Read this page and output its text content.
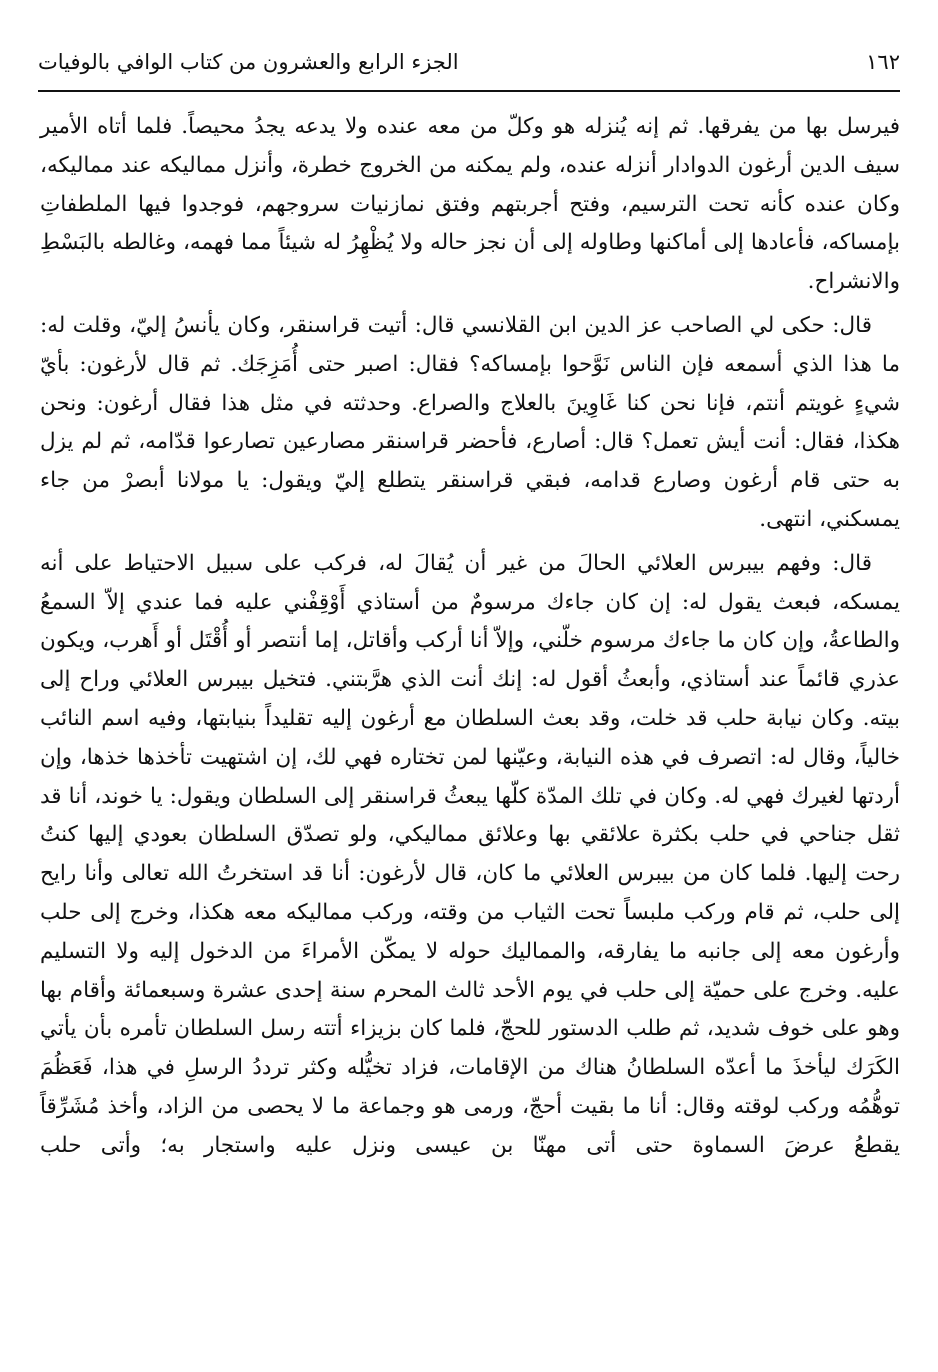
١٦٢
الجزء الرابع والعشرون من كتاب الوافي بالوفيات

فيرسل بها من يفرقها. ثم إنه يُنزله هو وكلّ من معه عنده ولا يدعه يجدُ محيصاً. فلما أتاه الأمير سيف الدين أرغون الدوادار أنزله عنده، ولم يمكنه من الخروج خطرة، وأنزل مماليكه عند مماليكه، وكان عنده كأنه تحت الترسيم، وفتح أجربتهم وفتق نمازنيات سروجهم، فوجدوا فيها الملطفاتِ بإمساكه، فأعادها إلى أماكنها وطاوله إلى أن نجز حاله ولا يُظْهِرُ له شيئاً مما فهمه، وغالطه بالبَسْطِ والانشراح.

قال: حكى لي الصاحب عز الدين ابن القلانسي قال: أتيت قراسنقر، وكان يأنسُ إليّ، وقلت له: ما هذا الذي أسمعه فإن الناس نَوَّحوا بإمساكه؟ فقال: اصبر حتى أُمَزِجَك. ثم قال لأرغون: بأيّ شيءٍ غويتم أنتم، فإنا نحن كنا غَاوِينَ بالعلاج والصراع. وحدثته في مثل هذا فقال أرغون: ونحن هكذا، فقال: أنت أيش تعمل؟ قال: أصارع، فأحضر قراسنقر مصارعين تصارعوا قدّامه، ثم لم يزل به حتى قام أرغون وصارع قدامه، فبقي قراسنقر يتطلع إليّ ويقول: يا مولانا أبصرْ من جاء يمسكني، انتهى.

قال: وفهم بيبرس العلائي الحالَ من غير أن يُقالَ له، فركب على سبيل الاحتياط على أنه يمسكه، فبعث يقول له: إن كان جاءك مرسومٌ من أستاذي أَوْقِفْني عليه فما عندي إلاّ السمعُ والطاعةُ، وإن كان ما جاءك مرسوم خلّني، وإلاّ أنا أركب وأقاتل، إما أنتصر أو أُقْتَل أو أَهرب، ويكون عذري قائماً عند أستاذي، وأبعثُ أقول له: إنك أنت الذي هرَّبتني. فتخيل بيبرس العلائي وراح إلى بيته. وكان نيابة حلب قد خلت، وقد بعث السلطان مع أرغون إليه تقليداً بنيابتها، وفيه اسم النائب خالياً، وقال له: اتصرف في هذه النيابة، وعيّنها لمن تختاره فهي لك، إن اشتهيت تأخذها خذها، وإن أردتها لغيرك فهي له. وكان في تلك المدّة كلّها يبعثُ قراسنقر إلى السلطان ويقول: يا خوند، أنا قد ثقل جناحي في حلب بكثرة علائقي بها وعلائق مماليكي، ولو تصدّق السلطان بعودي إليها كنتُ رحت إليها. فلما كان من بيبرس العلائي ما كان، قال لأرغون: أنا قد استخرتُ الله تعالى وأنا رايح إلى حلب، ثم قام وركب ملبساً تحت الثياب من وقته، وركب مماليكه معه هكذا، وخرج إلى حلب وأرغون معه إلى جانبه ما يفارقه، والمماليك حوله لا يمكّن الأمراءَ من الدخول إليه ولا التسليم عليه. وخرج على حميّة إلى حلب في يوم الأحد ثالث المحرم سنة إحدى عشرة وسبعمائة وأقام بها وهو على خوف شديد، ثم طلب الدستور للحجّ، فلما كان بزيزاء أتته رسل السلطان تأمره بأن يأتي الكَرَك ليأخذَ ما أعدّه السلطانُ هناك من الإقامات، فزاد تخيُّله وكثر ترددُ الرسلِ في هذا، فَعَظُمَ توهُّمُه وركب لوقته وقال: أنا ما بقيت أحجّ، ورمى هو وجماعة ما لا يحصى من الزاد، وأخذ مُشَرِّقاً يقطعُ عرضَ السماوة حتى أتى مهنّا بن عيسى ونزل عليه واستجار به؛ وأتى حلب
